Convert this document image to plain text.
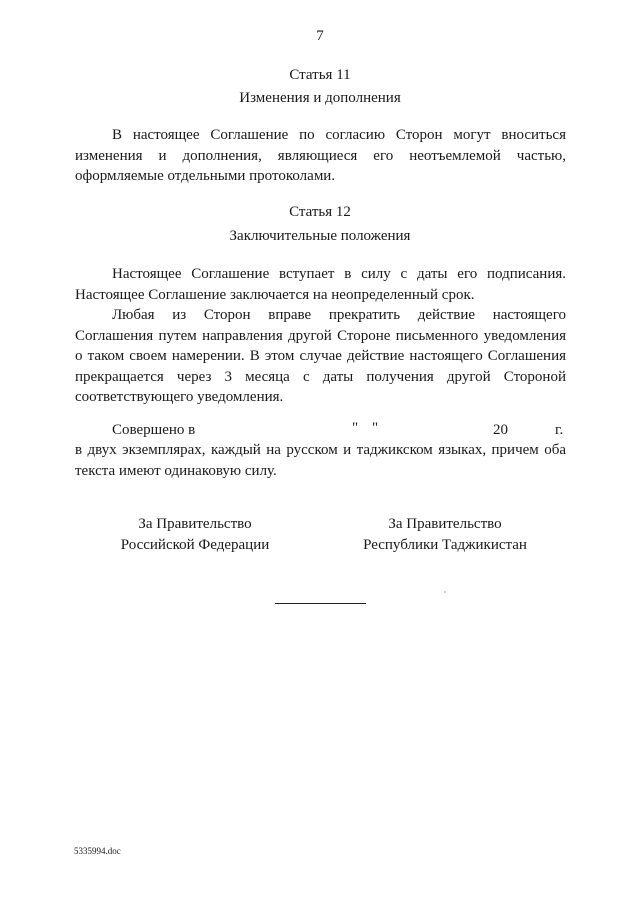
7
Статья 11
Изменения и дополнения
В настоящее Соглашение по согласию Сторон могут вноситься
изменения и дополнения, являющиеся его неотъемлемой частью,
оформляемые отдельными протоколами.
Статья 12
Заключительные положения
Настоящее Соглашение вступает в силу с даты его подписания.
Настоящее Соглашение заключается на неопределенный срок.
Любая из Сторон вправе прекратить действие настоящего
Соглашения путем направления другой Стороне письменного уведомления
о таком своем намерении. В этом случае действие настоящего Соглашения
прекращается через 3 месяца с даты получения другой Стороной
соответствующего уведомления.
Совершено в	" "	20	г.
в двух экземплярах, каждый на русском и таджикском языках, причем оба
текста имеют одинаковую силу.
За Правительство
Российской Федерации
За Правительство
Республики Таджикистан
5335994.doc
